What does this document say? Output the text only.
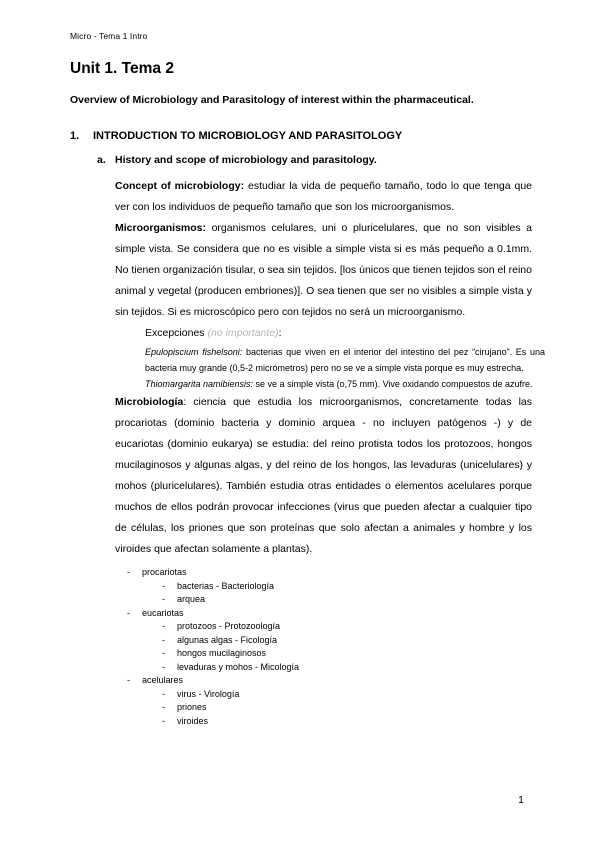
Micro - Tema 1 Intro
Unit 1. Tema 2
Overview of Microbiology and Parasitology of interest within the pharmaceutical.
1.	INTRODUCTION TO MICROBIOLOGY AND PARASITOLOGY
a. History and scope of microbiology and parasitology.

Concept of microbiology: estudiar la vida de pequeño tamaño, todo lo que tenga que ver con los individuos de pequeño tamaño que son los microorganismos.

Microorganismos: organismos celulares, uni o pluricelulares, que no son visibles a simple vista. Se considera que no es visible a simple vista si es más pequeño a 0.1mm. No tienen organización tisular, o sea sin tejidos. [los únicos que tienen tejidos son el reino animal y vegetal (producen embriones)]. O sea tienen que ser no visibles a simple vista y sin tejidos. Si es microscópico pero con tejidos no será un microorganismo.

Excepciones (no importante):

Epulopiscium fishelsoni: bacterias que viven en el interior del intestino del pez “cirujano”. Es una bacteria muy grande (0,5-2 micrómetros) pero no se ve a simple vista porque es muy estrecha.

Thiomargarita namibiensis: se ve a simple vista (o,75 mm). Vive oxidando compuestos de azufre.

Microbiología: ciencia que estudia los microorganismos, concretamente todas las procariotas (dominio bacteria y dominio arquea - no incluyen patógenos -) y de eucariotas (dominio eukarya) se estudia: del reino protista todos los protozoos, hongos mucilaginosos y algunas algas, y del reino de los hongos, las levaduras (unicelulares) y mohos (pluricelulares). También estudia otras entidades o elementos acelulares porque muchos de ellos podrán provocar infecciones (virus que pueden afectar a cualquier tipo de células, los priones que son proteínas que solo afectan a animales y hombre y los viroides que afectan solamente a plantas).

-	procariotas
-	bacterias - Bacteriología
-	arquea
-	eucariotas
-	protozoos - Protozoología
-	algunas algas - Ficología
-	hongos mucilaginosos
-	levaduras y mohos - Micología
-	acelulares
-	virus - Virología
-	priones
-	viroides
1
